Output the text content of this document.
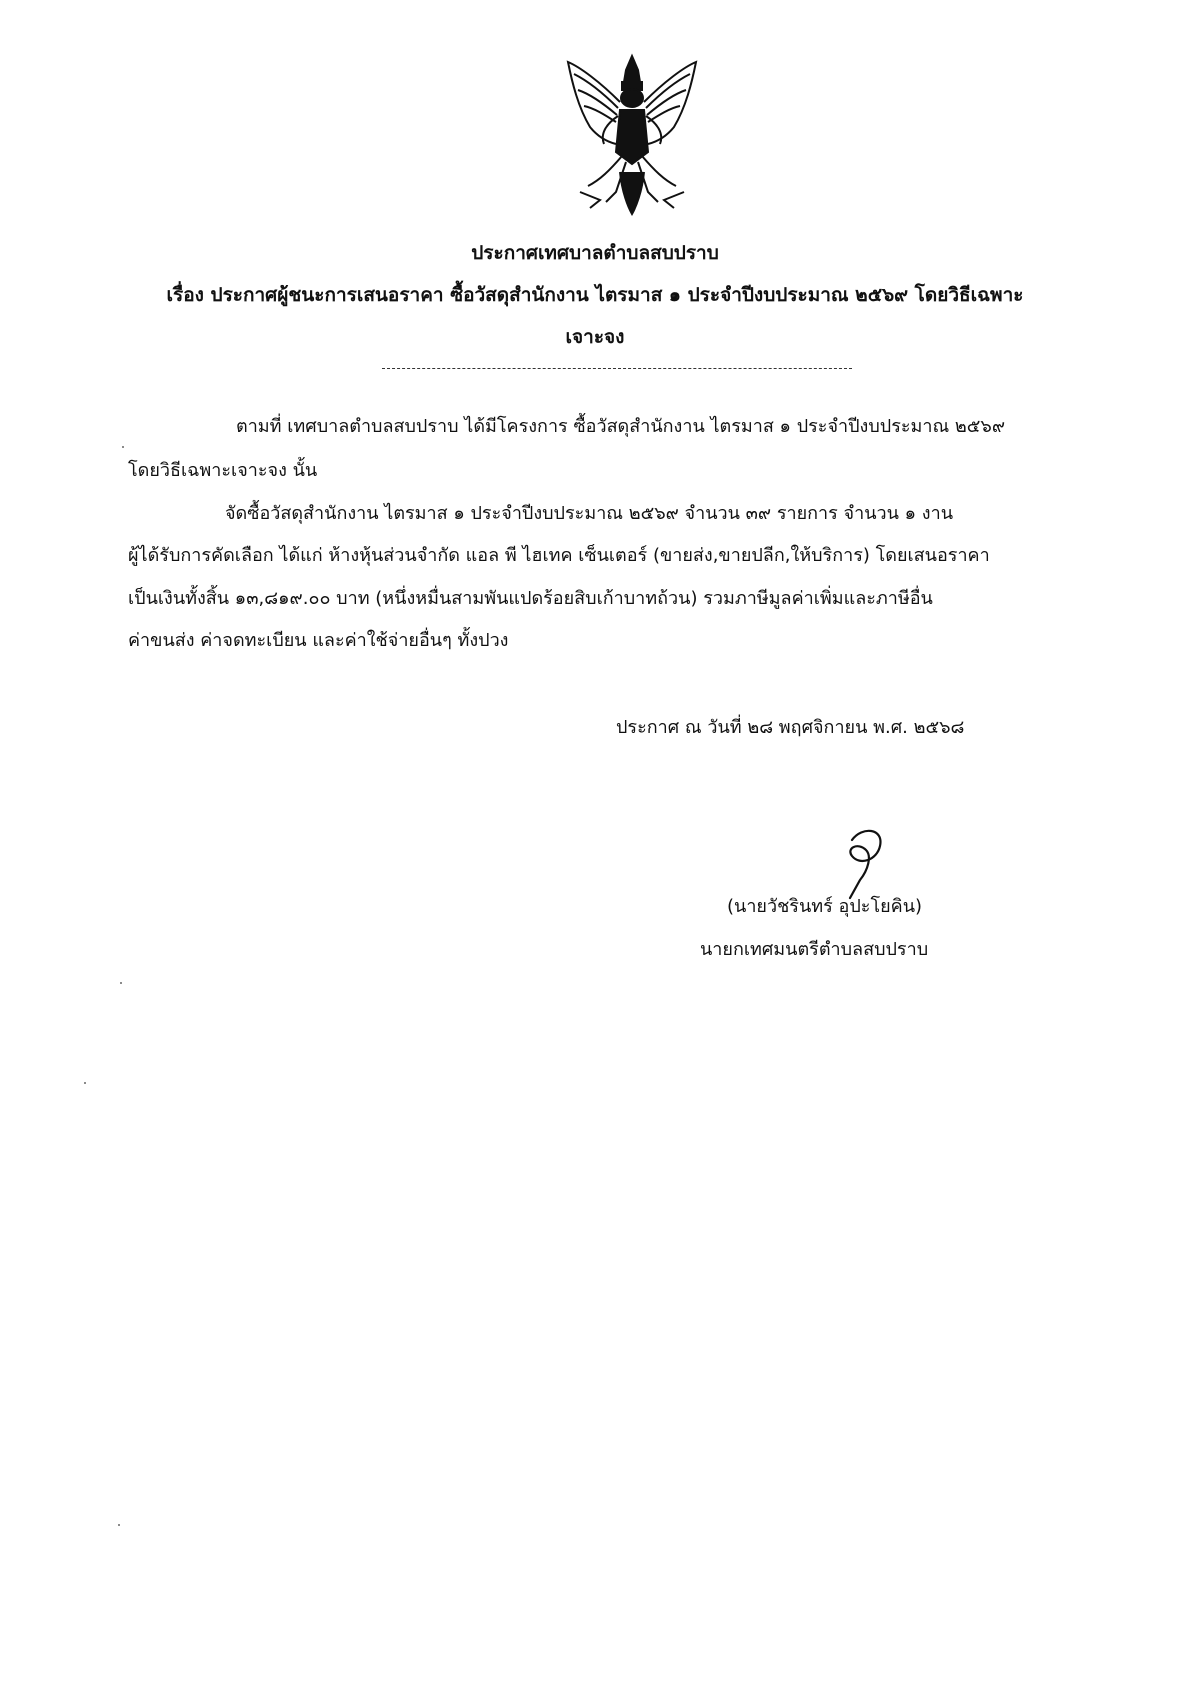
ประกาศเทศบาลตำบลสบปราบ
เรื่อง ประกาศผู้ชนะการเสนอราคา ซื้อวัสดุสำนักงาน ไตรมาส ๑ ประจำปีงบประมาณ ๒๕๖๙ โดยวิธีเฉพาะ
เจาะจง
ตามที่ เทศบาลตำบลสบปราบ ได้มีโครงการ ซื้อวัสดุสำนักงาน ไตรมาส ๑ ประจำปีงบประมาณ ๒๕๖๙
โดยวิธีเฉพาะเจาะจง นั้น
จัดซื้อวัสดุสำนักงาน ไตรมาส ๑ ประจำปีงบประมาณ ๒๕๖๙ จำนวน ๓๙ รายการ จำนวน ๑ งาน
ผู้ได้รับการคัดเลือก ได้แก่ ห้างหุ้นส่วนจำกัด แอล พี ไฮเทค เซ็นเตอร์ (ขายส่ง,ขายปลีก,ให้บริการ) โดยเสนอราคา
เป็นเงินทั้งสิ้น ๑๓,๘๑๙.๐๐ บาท (หนึ่งหมื่นสามพันแปดร้อยสิบเก้าบาทถ้วน) รวมภาษีมูลค่าเพิ่มและภาษีอื่น
ค่าขนส่ง ค่าจดทะเบียน และค่าใช้จ่ายอื่นๆ ทั้งปวง
ประกาศ ณ วันที่ ๒๘ พฤศจิกายน พ.ศ. ๒๕๖๘
(นายวัชรินทร์ อุปะโยคิน)
นายกเทศมนตรีตำบลสบปราบ
